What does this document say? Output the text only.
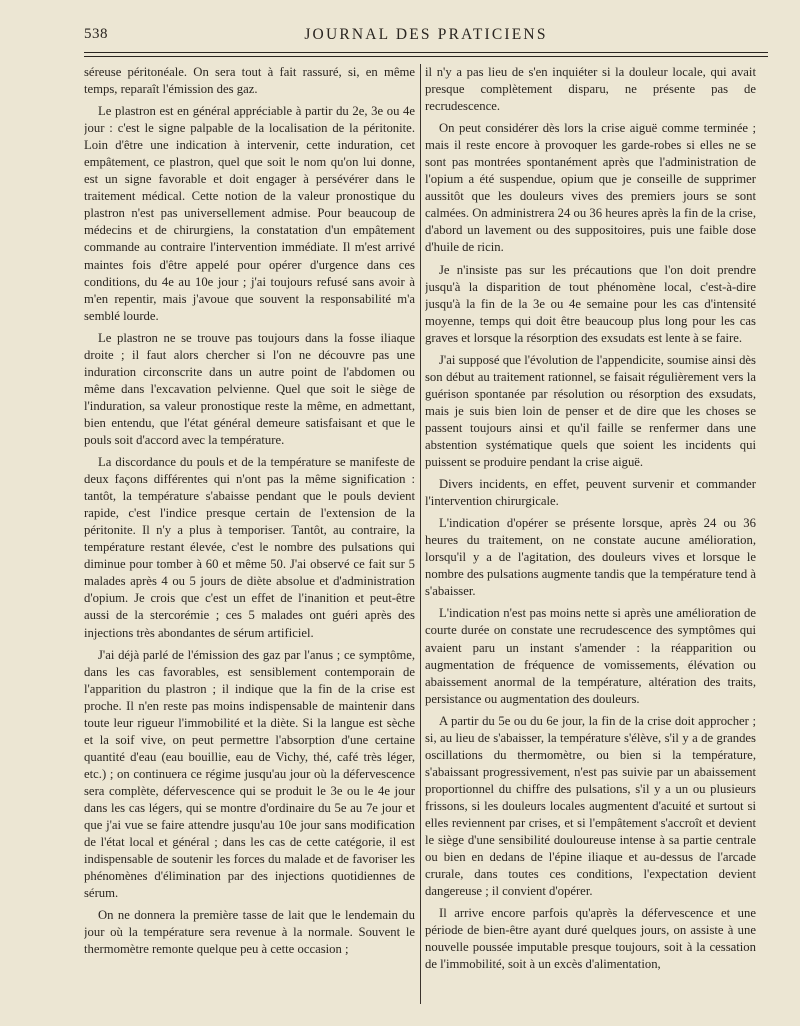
538	JOURNAL DES PRATICIENS

séreuse péritonéale. On sera tout à fait rassuré, si, en même temps, reparaît l'émission des gaz.

Le plastron est en général appréciable à partir du 2e, 3e ou 4e jour : c'est le signe palpable de la localisation de la péritonite. Loin d'être une indication à intervenir, cette induration, cet empâtement, ce plastron, quel que soit le nom qu'on lui donne, est un signe favorable et doit engager à persévérer dans le traitement médical. Cette notion de la valeur pronostique du plastron n'est pas universellement admise. Pour beaucoup de médecins et de chirurgiens, la constatation d'un empâtement commande au contraire l'intervention immédiate. Il m'est arrivé maintes fois d'être appelé pour opérer d'urgence dans ces conditions, du 4e au 10e jour ; j'ai toujours refusé sans avoir à m'en repentir, mais j'avoue que souvent la responsabilité m'a semblé lourde.

Le plastron ne se trouve pas toujours dans la fosse iliaque droite ; il faut alors chercher si l'on ne découvre pas une induration circonscrite dans un autre point de l'abdomen ou même dans l'excavation pelvienne. Quel que soit le siège de l'induration, sa valeur pronostique reste la même, en admettant, bien entendu, que l'état général demeure satisfaisant et que le pouls soit d'accord avec la température.

La discordance du pouls et de la température se manifeste de deux façons différentes qui n'ont pas la même signification : tantôt, la température s'abaisse pendant que le pouls devient rapide, c'est l'indice presque certain de l'extension de la péritonite. Il n'y a plus à temporiser. Tantôt, au contraire, la température restant élevée, c'est le nombre des pulsations qui diminue pour tomber à 60 et même 50. J'ai observé ce fait sur 5 malades après 4 ou 5 jours de diète absolue et d'administration d'opium. Je crois que c'est un effet de l'inanition et peut-être aussi de la stercorémie ; ces 5 malades ont guéri après des injections très abondantes de sérum artificiel.

J'ai déjà parlé de l'émission des gaz par l'anus ; ce symptôme, dans les cas favorables, est sensiblement contemporain de l'apparition du plastron ; il indique que la fin de la crise est proche. Il n'en reste pas moins indispensable de maintenir dans toute leur rigueur l'immobilité et la diète. Si la langue est sèche et la soif vive, on peut permettre l'absorption d'une certaine quantité d'eau (eau bouillie, eau de Vichy, thé, café très léger, etc.) ; on continuera ce régime jusqu'au jour où la défervescence sera complète, défervescence qui se produit le 3e ou le 4e jour dans les cas légers, qui se montre d'ordinaire du 5e au 7e jour et que j'ai vue se faire attendre jusqu'au 10e jour sans modification de l'état local et général ; dans les cas de cette catégorie, il est indispensable de soutenir les forces du malade et de favoriser les phénomènes d'élimination par des injections quotidiennes de sérum.

On ne donnera la première tasse de lait que le lendemain du jour où la température sera revenue à la normale. Souvent le thermomètre remonte quelque peu à cette occasion ;

il n'y a pas lieu de s'en inquiéter si la douleur locale, qui avait presque complètement disparu, ne présente pas de recrudescence.

On peut considérer dès lors la crise aiguë comme terminée ; mais il reste encore à provoquer les garde-robes si elles ne se sont pas montrées spontanément après que l'administration de l'opium a été suspendue, opium que je conseille de supprimer aussitôt que les douleurs vives des premiers jours se sont calmées. On administrera 24 ou 36 heures après la fin de la crise, d'abord un lavement ou des suppositoires, puis une faible dose d'huile de ricin.

Je n'insiste pas sur les précautions que l'on doit prendre jusqu'à la disparition de tout phénomène local, c'est-à-dire jusqu'à la fin de la 3e ou 4e semaine pour les cas d'intensité moyenne, temps qui doit être beaucoup plus long pour les cas graves et lorsque la résorption des exsudats est lente à se faire.

J'ai supposé que l'évolution de l'appendicite, soumise ainsi dès son début au traitement rationnel, se faisait régulièrement vers la guérison spontanée par résolution ou résorption des exsudats, mais je suis bien loin de penser et de dire que les choses se passent toujours ainsi et qu'il faille se renfermer dans une abstention systématique quels que soient les incidents qui puissent se produire pendant la crise aiguë.

Divers incidents, en effet, peuvent survenir et commander l'intervention chirurgicale.

L'indication d'opérer se présente lorsque, après 24 ou 36 heures du traitement, on ne constate aucune amélioration, lorsqu'il y a de l'agitation, des douleurs vives et lorsque le nombre des pulsations augmente tandis que la température tend à s'abaisser.

L'indication n'est pas moins nette si après une amélioration de courte durée on constate une recrudescence des symptômes qui avaient paru un instant s'amender : la réapparition ou augmentation de fréquence de vomissements, élévation ou abaissement anormal de la température, altération des traits, persistance ou augmentation des douleurs.

A partir du 5e ou du 6e jour, la fin de la crise doit approcher ; si, au lieu de s'abaisser, la température s'élève, s'il y a de grandes oscillations du thermomètre, ou bien si la température, s'abaissant progressivement, n'est pas suivie par un abaissement proportionnel du chiffre des pulsations, s'il y a un ou plusieurs frissons, si les douleurs locales augmentent d'acuité et surtout si elles reviennent par crises, et si l'empâtement s'accroît et devient le siège d'une sensibilité douloureuse intense à sa partie centrale ou bien en dedans de l'épine iliaque et au-dessus de l'arcade crurale, dans toutes ces conditions, l'expectation devient dangereuse ; il convient d'opérer.

Il arrive encore parfois qu'après la défervescence et une période de bien-être ayant duré quelques jours, on assiste à une nouvelle poussée imputable presque toujours, soit à la cessation de l'immobilité, soit à un excès d'alimentation,
